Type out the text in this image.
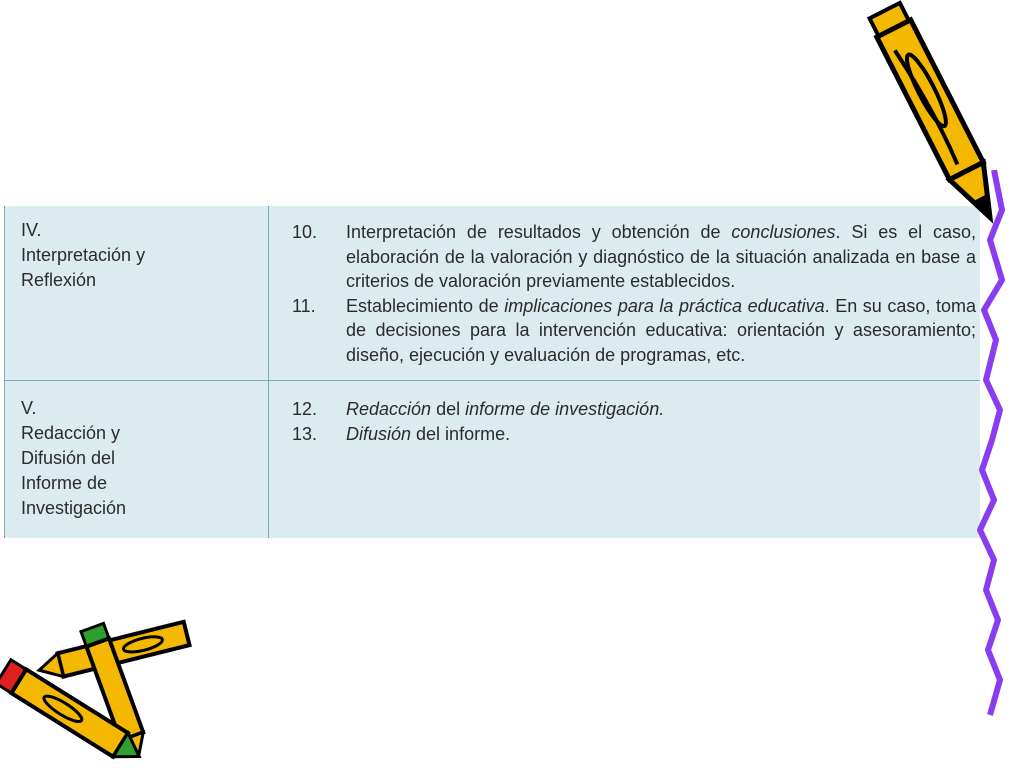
IV.
Interpretación y
Reflexión
10.	Interpretación de resultados y obtención de conclusiones. Si es el caso, elaboración de la valoración y diagnóstico de la situación analizada en base a criterios de valoración previamente establecidos.
11.	Establecimiento de implicaciones para la práctica educativa. En su caso, toma de decisiones para la intervención educativa: orientación y asesoramiento; diseño, ejecución y evaluación de programas, etc.
V.
Redacción y
Difusión del
Informe de
Investigación
12.	Redacción del informe de investigación.
13.	Difusión del informe.
